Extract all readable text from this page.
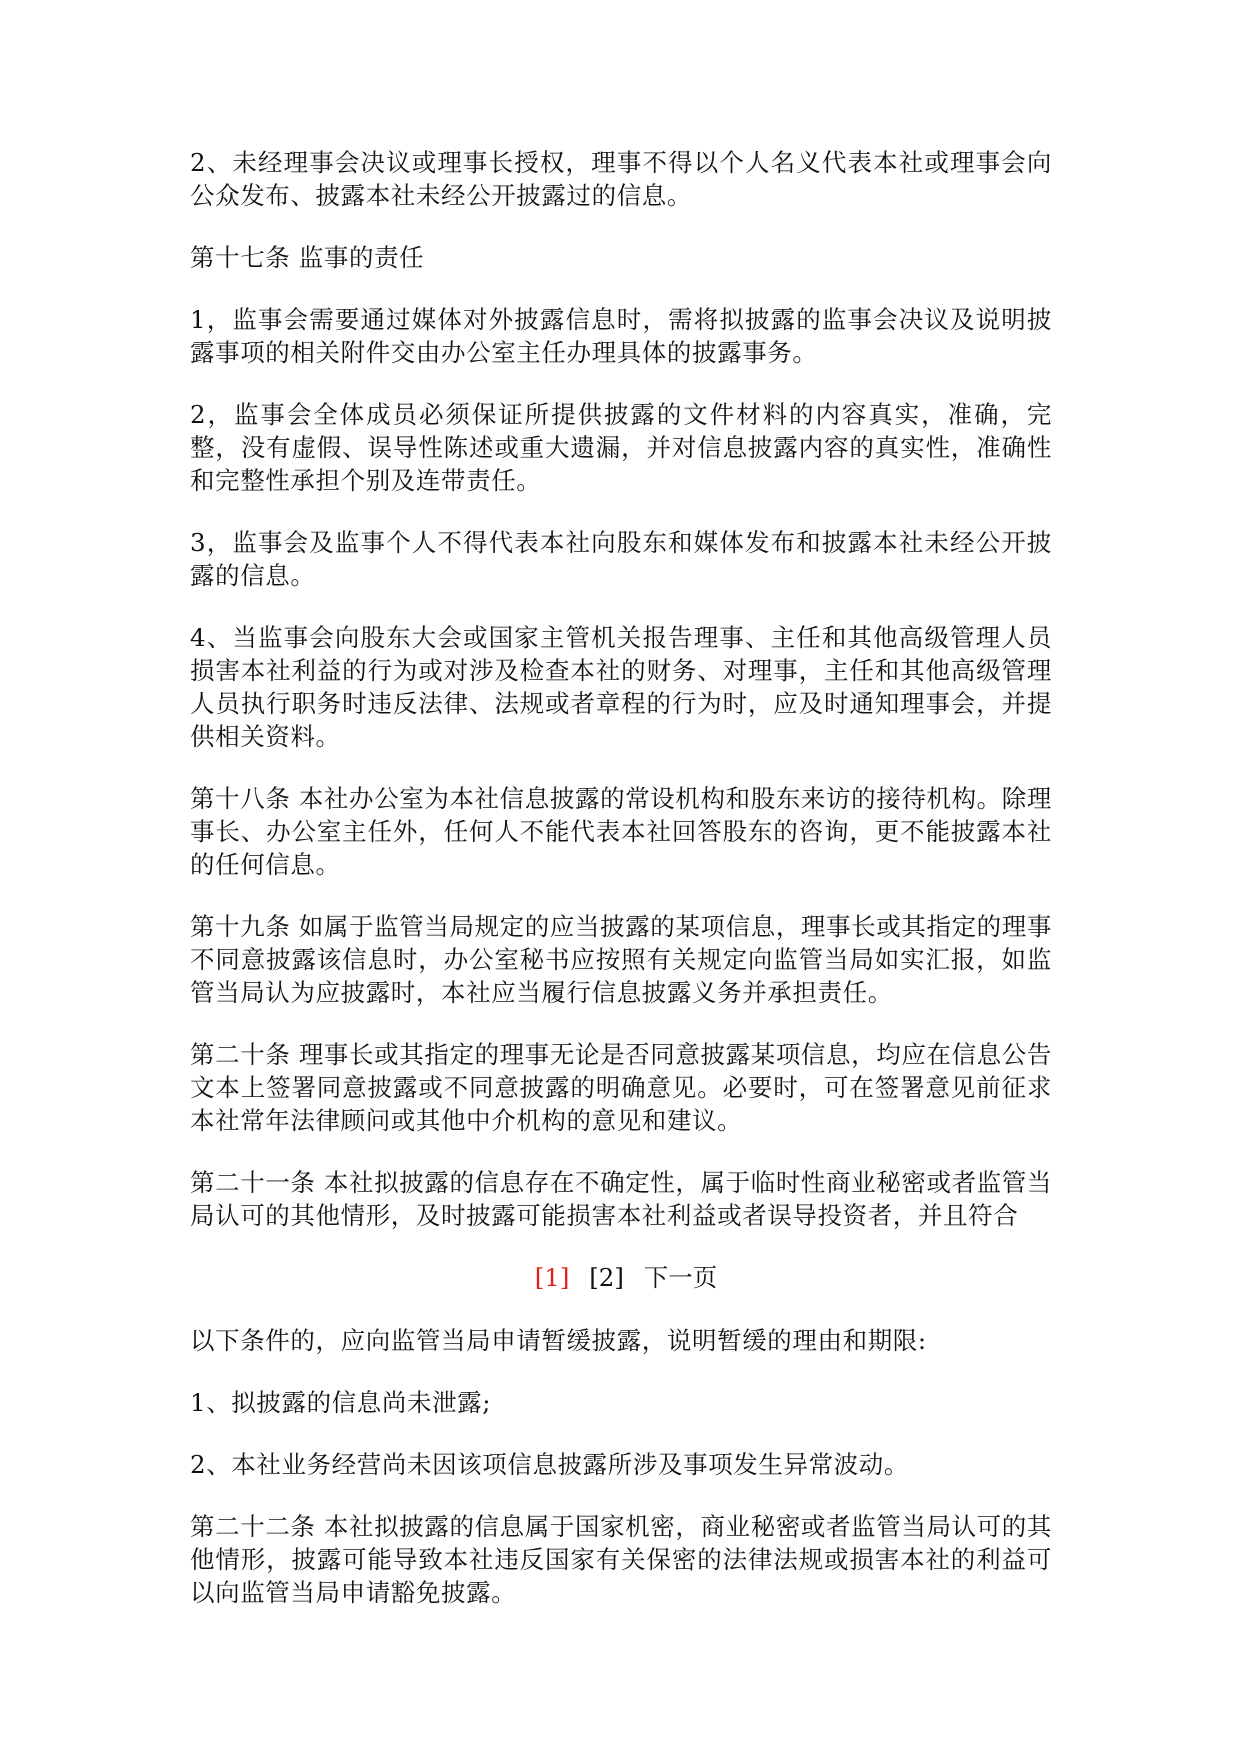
2、未经理事会决议或理事长授权，理事不得以个人名义代表本社或理事会向公众发布、披露本社未经公开披露过的信息。

第十七条 监事的责任

1，监事会需要通过媒体对外披露信息时，需将拟披露的监事会决议及说明披露事项的相关附件交由办公室主任办理具体的披露事务。

2，监事会全体成员必须保证所提供披露的文件材料的内容真实，准确，完整，没有虚假、误导性陈述或重大遗漏，并对信息披露内容的真实性，准确性和完整性承担个别及连带责任。

3，监事会及监事个人不得代表本社向股东和媒体发布和披露本社未经公开披露的信息。

4、当监事会向股东大会或国家主管机关报告理事、主任和其他高级管理人员损害本社利益的行为或对涉及检查本社的财务、对理事，主任和其他高级管理人员执行职务时违反法律、法规或者章程的行为时，应及时通知理事会，并提供相关资料。

第十八条 本社办公室为本社信息披露的常设机构和股东来访的接待机构。除理事长、办公室主任外，任何人不能代表本社回答股东的咨询，更不能披露本社的任何信息。

第十九条 如属于监管当局规定的应当披露的某项信息，理事长或其指定的理事不同意披露该信息时，办公室秘书应按照有关规定向监管当局如实汇报，如监管当局认为应披露时，本社应当履行信息披露义务并承担责任。

第二十条 理事长或其指定的理事无论是否同意披露某项信息，均应在信息公告文本上签署同意披露或不同意披露的明确意见。必要时，可在签署意见前征求本社常年法律顾问或其他中介机构的意见和建议。

第二十一条 本社拟披露的信息存在不确定性，属于临时性商业秘密或者监管当局认可的其他情形，及时披露可能损害本社利益或者误导投资者，并且符合

[1] [2] 下一页

以下条件的，应向监管当局申请暂缓披露，说明暂缓的理由和期限:

1、拟披露的信息尚未泄露;

2、本社业务经营尚未因该项信息披露所涉及事项发生异常波动。

第二十二条 本社拟披露的信息属于国家机密，商业秘密或者监管当局认可的其他情形，披露可能导致本社违反国家有关保密的法律法规或损害本社的利益可以向监管当局申请豁免披露。
